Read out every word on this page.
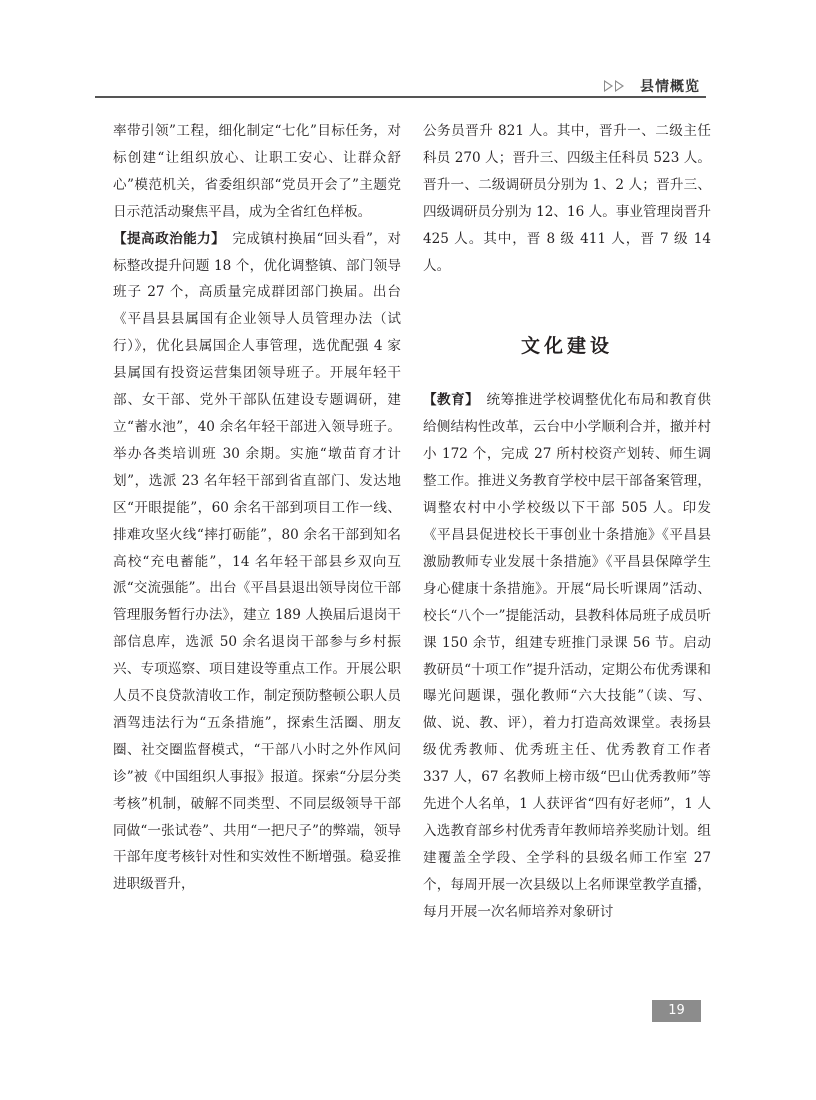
县情概览

率带引领”工程，细化制定“七化”目标任务，对标创建“让组织放心、让职工安心、让群众舒心”模范机关，省委组织部“党员开会了”主题党日示范活动聚焦平昌，成为全省红色样板。

【提高政治能力】　完成镇村换届“回头看”，对标整改提升问题 18 个，优化调整镇、部门领导班子 27 个，高质量完成群团部门换届。出台《平昌县县属国有企业领导人员管理办法（试行）》，优化县属国企人事管理，选优配强 4 家县属国有投资运营集团领导班子。开展年轻干部、女干部、党外干部队伍建设专题调研，建立“蓄水池”，40 余名年轻干部进入领导班子。举办各类培训班 30 余期。实施“墩苗育才计划”，选派 23 名年轻干部到省直部门、发达地区“开眼提能”，60 余名干部到项目工作一线、排难攻坚火线“摔打砺能”，80 余名干部到知名高校“充电蓄能”，14 名年轻干部县乡双向互派“交流强能”。出台《平昌县退出领导岗位干部管理服务暂行办法》，建立 189 人换届后退岗干部信息库，选派 50 余名退岗干部参与乡村振兴、专项巡察、项目建设等重点工作。开展公职人员不良贷款清收工作，制定预防整顿公职人员酒驾违法行为“五条措施”，探索生活圈、朋友圈、社交圈监督模式，“干部八小时之外作风问诊”被《中国组织人事报》报道。探索“分层分类考核”机制，破解不同类型、不同层级领导干部同做“一张试卷”、共用“一把尺子”的弊端，领导干部年度考核针对性和实效性不断增强。稳妥推进职级晋升，

公务员晋升 821 人。其中，晋升一、二级主任科员 270 人；晋升三、四级主任科员 523 人。晋升一、二级调研员分别为 1、2 人；晋升三、四级调研员分别为 12、16 人。事业管理岗晋升 425 人。其中，晋 8 级 411 人，晋 7 级 14 人。

文化建设

【教育】　统筹推进学校调整优化布局和教育供给侧结构性改革，云台中小学顺利合并，撤并村小 172 个，完成 27 所村校资产划转、师生调整工作。推进义务教育学校中层干部备案管理，调整农村中小学校级以下干部 505 人。印发《平昌县促进校长干事创业十条措施》《平昌县激励教师专业发展十条措施》《平昌县保障学生身心健康十条措施》。开展“局长听课周”活动、校长“八个一”提能活动，县教科体局班子成员听课 150 余节，组建专班推门录课 56 节。启动教研员“十项工作”提升活动，定期公布优秀课和曝光问题课，强化教师“六大技能”（读、写、做、说、教、评），着力打造高效课堂。表扬县级优秀教师、优秀班主任、优秀教育工作者 337 人，67 名教师上榜市级“巴山优秀教师”等先进个人名单，1 人获评省“四有好老师”，1 人入选教育部乡村优秀青年教师培养奖励计划。组建覆盖全学段、全学科的县级名师工作室 27 个，每周开展一次县级以上名师课堂教学直播，每月开展一次名师培养对象研讨

19
